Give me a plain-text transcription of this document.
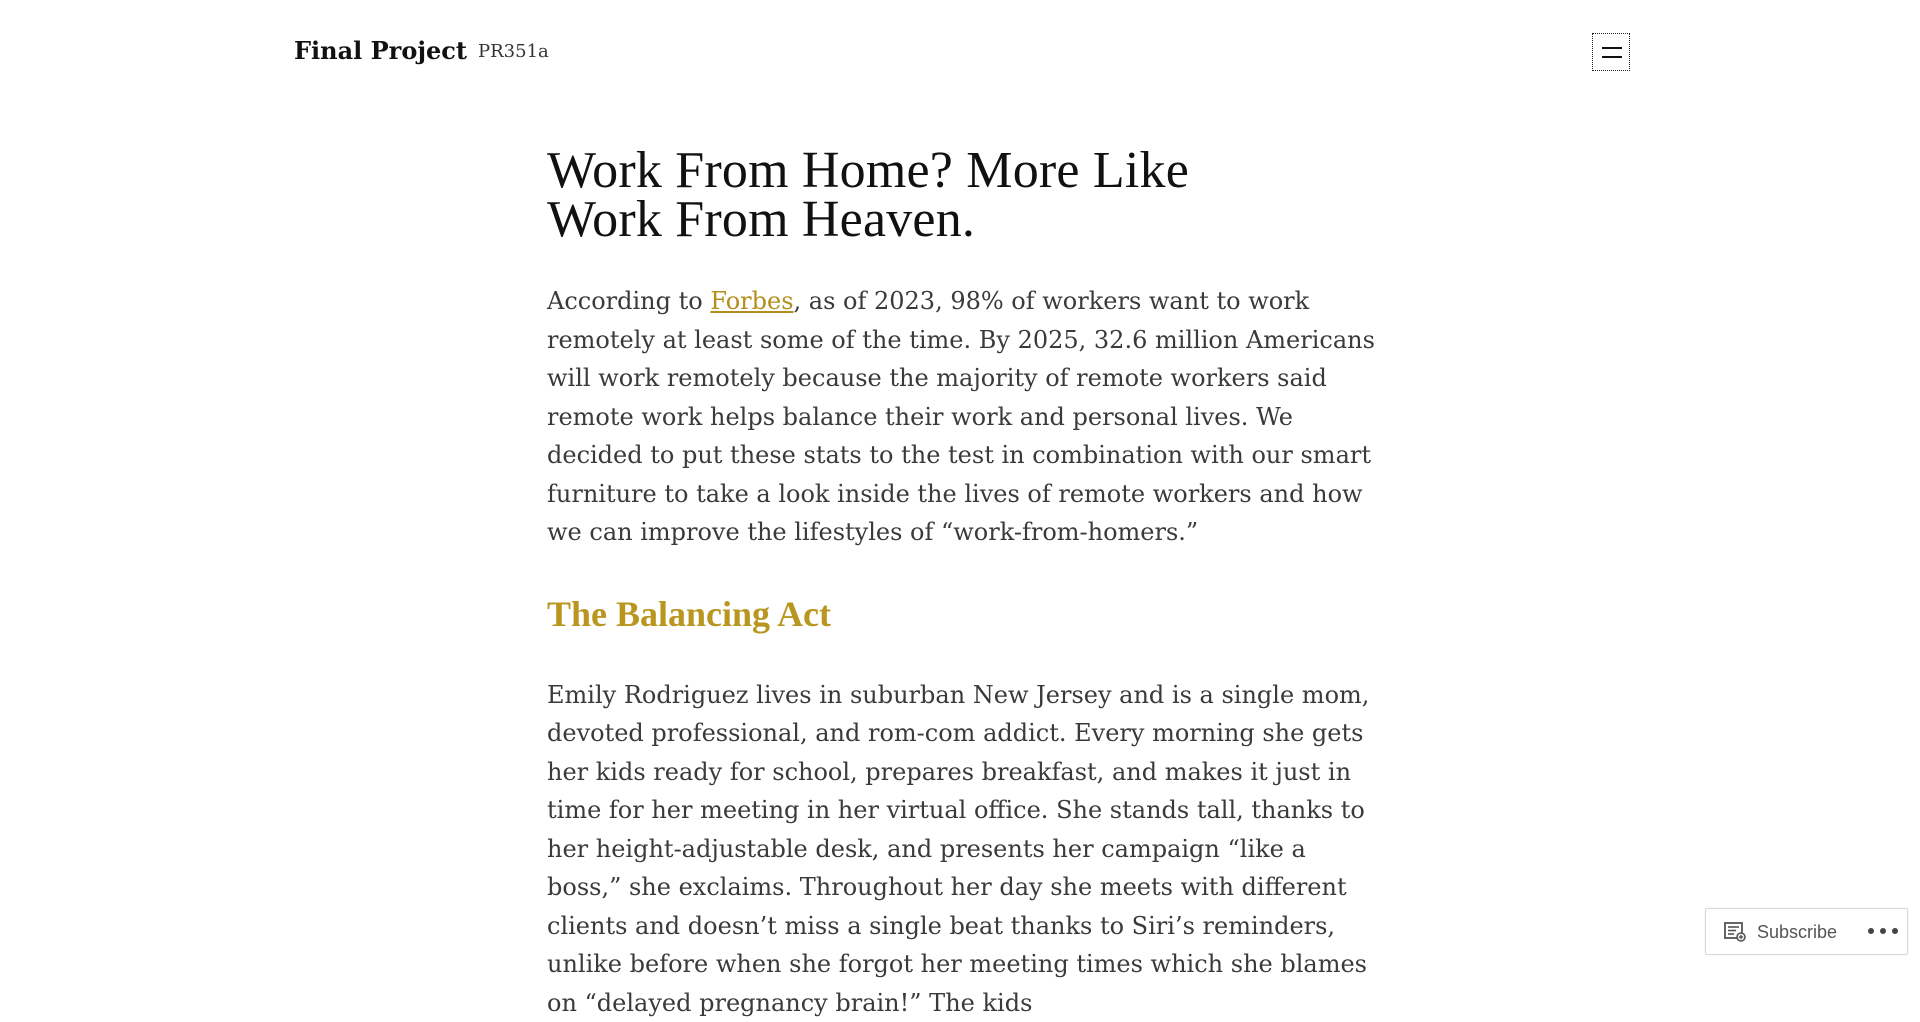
Final Project PR351a
Work From Home? More Like Work From Heaven.

According to Forbes, as of 2023, 98% of workers want to work remotely at least some of the time. By 2025, 32.6 million Americans will work remotely because the majority of remote workers said remote work helps balance their work and personal lives. We decided to put these stats to the test in combination with our smart furniture to take a look inside the lives of remote workers and how we can improve the lifestyles of “work-from-homers.”

The Balancing Act

Emily Rodriguez lives in suburban New Jersey and is a single mom, devoted professional, and rom-com addict. Every morning she gets her kids ready for school, prepares breakfast, and makes it just in time for her meeting in her virtual office. She stands tall, thanks to her height-adjustable desk, and presents her campaign “like a boss,” she exclaims. Throughout her day she meets with different clients and doesn’t miss a single beat thanks to Siri’s reminders, unlike before when she forgot her meeting times which she blames on “delayed pregnancy brain!” The kids

Subscribe
